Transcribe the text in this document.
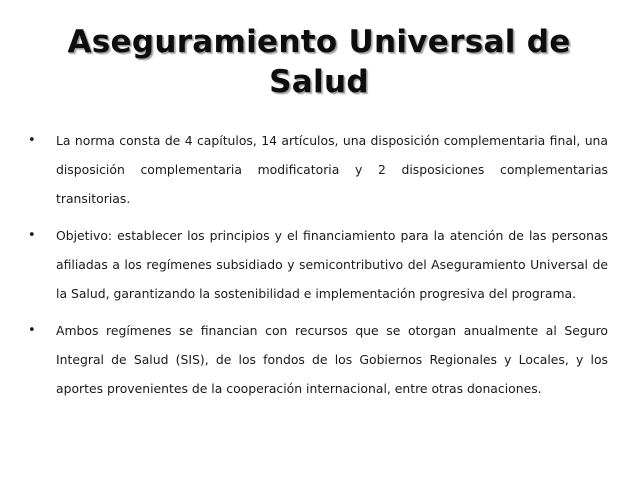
Aseguramiento Universal de Salud
• La norma consta de 4 capítulos, 14 artículos, una disposición complementaria final, una disposición complementaria modificatoria y 2 disposiciones complementarias transitorias.
• Objetivo: establecer los principios y el financiamiento para la atención de las personas afiliadas a los regímenes subsidiado y semicontributivo del Aseguramiento Universal de la Salud, garantizando la sostenibilidad e implementación progresiva del programa.
• Ambos regímenes se financian con recursos que se otorgan anualmente al Seguro Integral de Salud (SIS), de los fondos de los Gobiernos Regionales y Locales, y los aportes provenientes de la cooperación internacional, entre otras donaciones.
